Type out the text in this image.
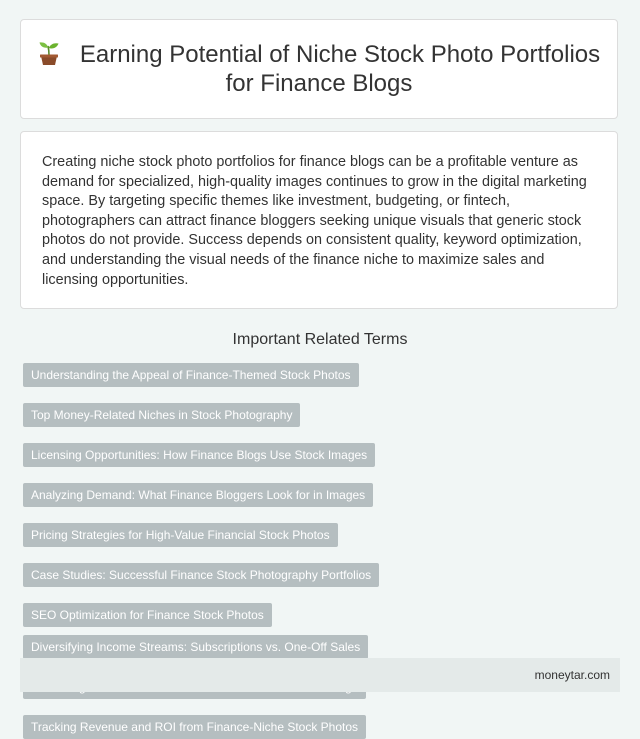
Earning Potential of Niche Stock Photo Portfolios for Finance Blogs

Creating niche stock photo portfolios for finance blogs can be a profitable venture as demand for specialized, high-quality images continues to grow in the digital marketing space. By targeting specific themes like investment, budgeting, or fintech, photographers can attract finance bloggers seeking unique visuals that generic stock photos do not provide. Success depends on consistent quality, keyword optimization, and understanding the visual needs of the finance niche to maximize sales and licensing opportunities.

Important Related Terms
Understanding the Appeal of Finance-Themed Stock Photos
Top Money-Related Niches in Stock Photography
Licensing Opportunities: How Finance Blogs Use Stock Images
Analyzing Demand: What Finance Bloggers Look for in Images
Pricing Strategies for High-Value Financial Stock Photos
Case Studies: Successful Finance Stock Photography Portfolios
SEO Optimization for Finance Stock Photos
Diversifying Income Streams: Subscriptions vs. One-Off Sales
Tracking Revenue and ROI from Finance-Niche Stock Photos
moneytar.com
